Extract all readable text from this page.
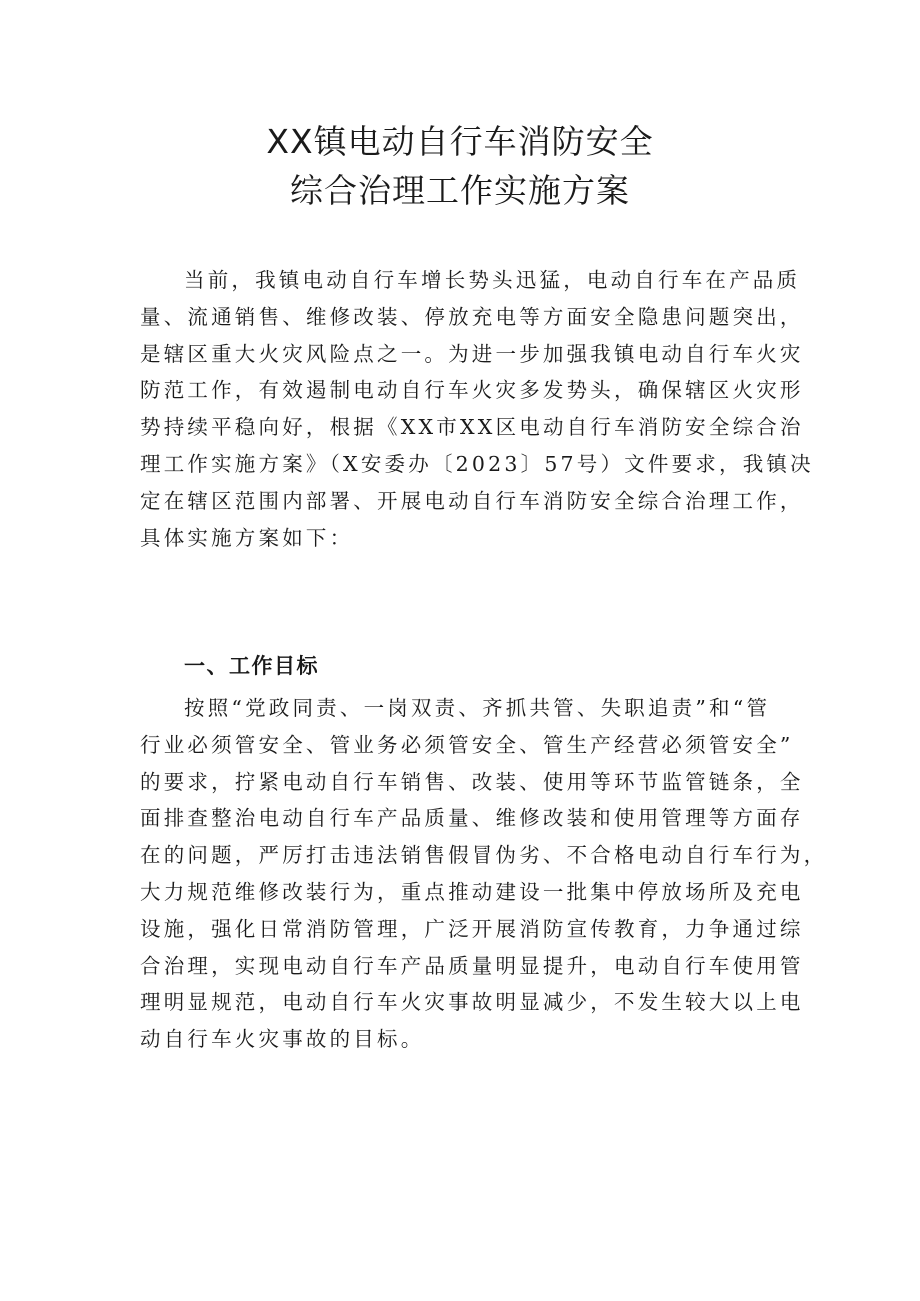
XX镇电动自行车消防安全
综合治理工作实施方案
当前，我镇电动自行车增长势头迅猛，电动自行车在产品质
量、流通销售、维修改装、停放充电等方面安全隐患问题突出，
是辖区重大火灾风险点之一。为进一步加强我镇电动自行车火灾
防范工作，有效遏制电动自行车火灾多发势头，确保辖区火灾形
势持续平稳向好，根据《XX市XX区电动自行车消防安全综合治
理工作实施方案》（X安委办〔2023〕57号）文件要求，我镇决
定在辖区范围内部署、开展电动自行车消防安全综合治理工作，
具体实施方案如下：
一、工作目标
按照“党政同责、一岗双责、齐抓共管、失职追责”和“管
行业必须管安全、管业务必须管安全、管生产经营必须管安全”
的要求，拧紧电动自行车销售、改装、使用等环节监管链条，全
面排查整治电动自行车产品质量、维修改装和使用管理等方面存
在的问题，严厉打击违法销售假冒伪劣、不合格电动自行车行为，
大力规范维修改装行为，重点推动建设一批集中停放场所及充电
设施，强化日常消防管理，广泛开展消防宣传教育，力争通过综
合治理，实现电动自行车产品质量明显提升，电动自行车使用管
理明显规范，电动自行车火灾事故明显减少，不发生较大以上电
动自行车火灾事故的目标。
